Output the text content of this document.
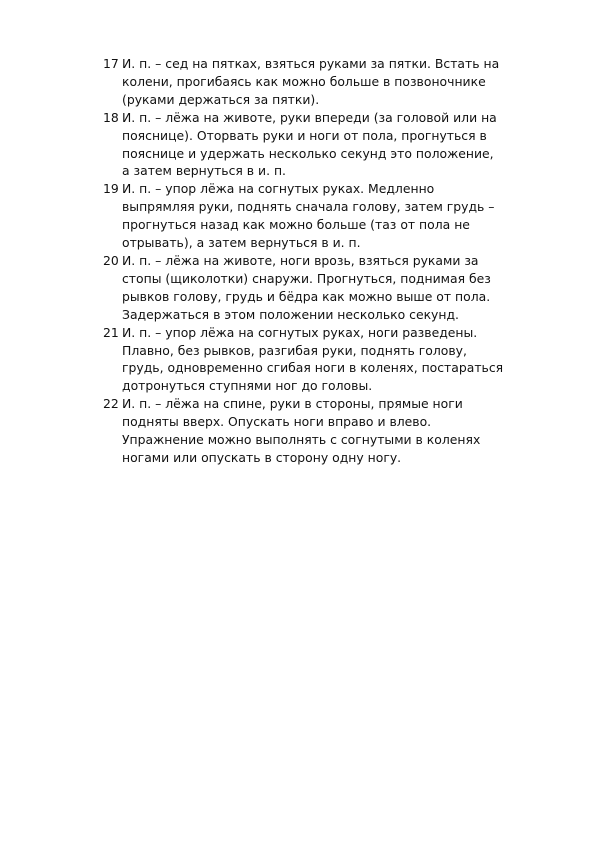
17 И. п. – сед на пятках, взяться руками за пятки. Встать на
колени, прогибаясь как можно больше в позвоночнике
(руками держаться за пятки).
18 И. п. – лёжа на животе, руки впереди (за головой или на
пояснице). Оторвать руки и ноги от пола, прогнуться в
пояснице и удержать несколько секунд это положение,
а затем вернуться в и. п.
19 И. п. – упор лёжа на согнутых руках. Медленно
выпрямляя руки, поднять сначала голову, затем грудь –
прогнуться назад как можно больше (таз от пола не
отрывать), а затем вернуться в и. п.
20 И. п. – лёжа на животе, ноги врозь, взяться руками за
стопы (щиколотки) снаружи. Прогнуться, поднимая без
рывков голову, грудь и бёдра как можно выше от пола.
Задержаться в этом положении несколько секунд.
21 И. п. – упор лёжа на согнутых руках, ноги разведены.
Плавно, без рывков, разгибая руки, поднять голову,
грудь, одновременно сгибая ноги в коленях, постараться
дотронуться ступнями ног до головы.
22 И. п. – лёжа на спине, руки в стороны, прямые ноги
подняты вверх. Опускать ноги вправо и влево.
Упражнение можно выполнять с согнутыми в коленях
ногами или опускать в сторону одну ногу.
